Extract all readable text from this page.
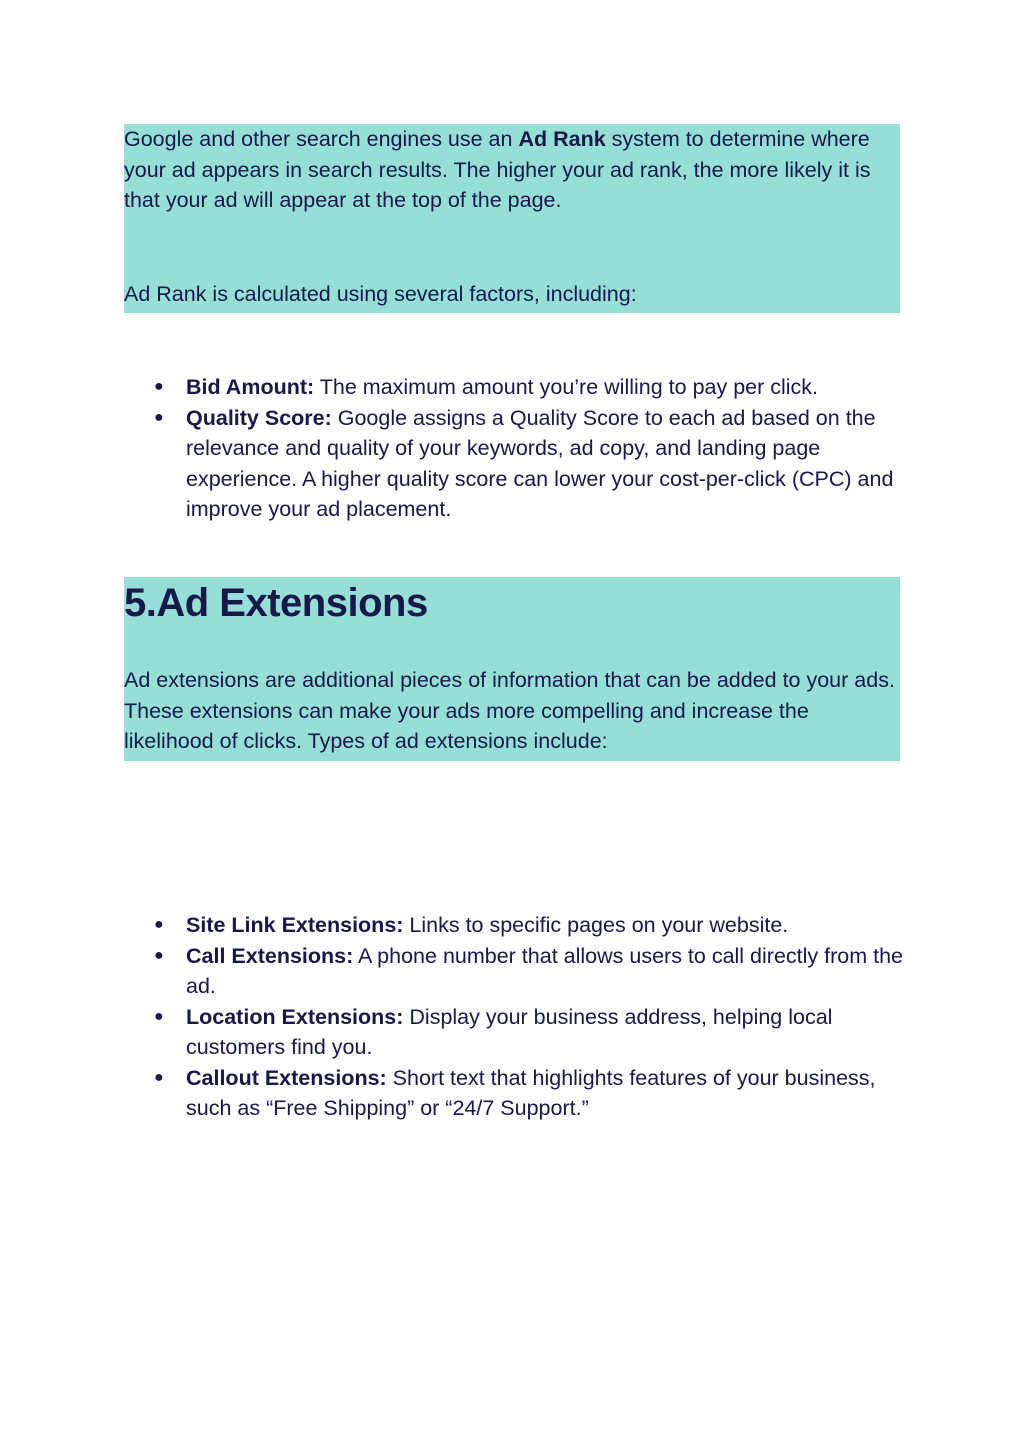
Google and other search engines use an Ad Rank system to determine where your ad appears in search results. The higher your ad rank, the more likely it is that your ad will appear at the top of the page.

Ad Rank is calculated using several factors, including:

● Bid Amount: The maximum amount you’re willing to pay per click.
● Quality Score: Google assigns a Quality Score to each ad based on the relevance and quality of your keywords, ad copy, and landing page experience. A higher quality score can lower your cost-per-click (CPC) and improve your ad placement.
5.Ad Extensions

Ad extensions are additional pieces of information that can be added to your ads. These extensions can make your ads more compelling and increase the likelihood of clicks. Types of ad extensions include:

● Site Link Extensions: Links to specific pages on your website.
● Call Extensions: A phone number that allows users to call directly from the ad.
● Location Extensions: Display your business address, helping local customers find you.
● Callout Extensions: Short text that highlights features of your business, such as “Free Shipping” or “24/7 Support.”
